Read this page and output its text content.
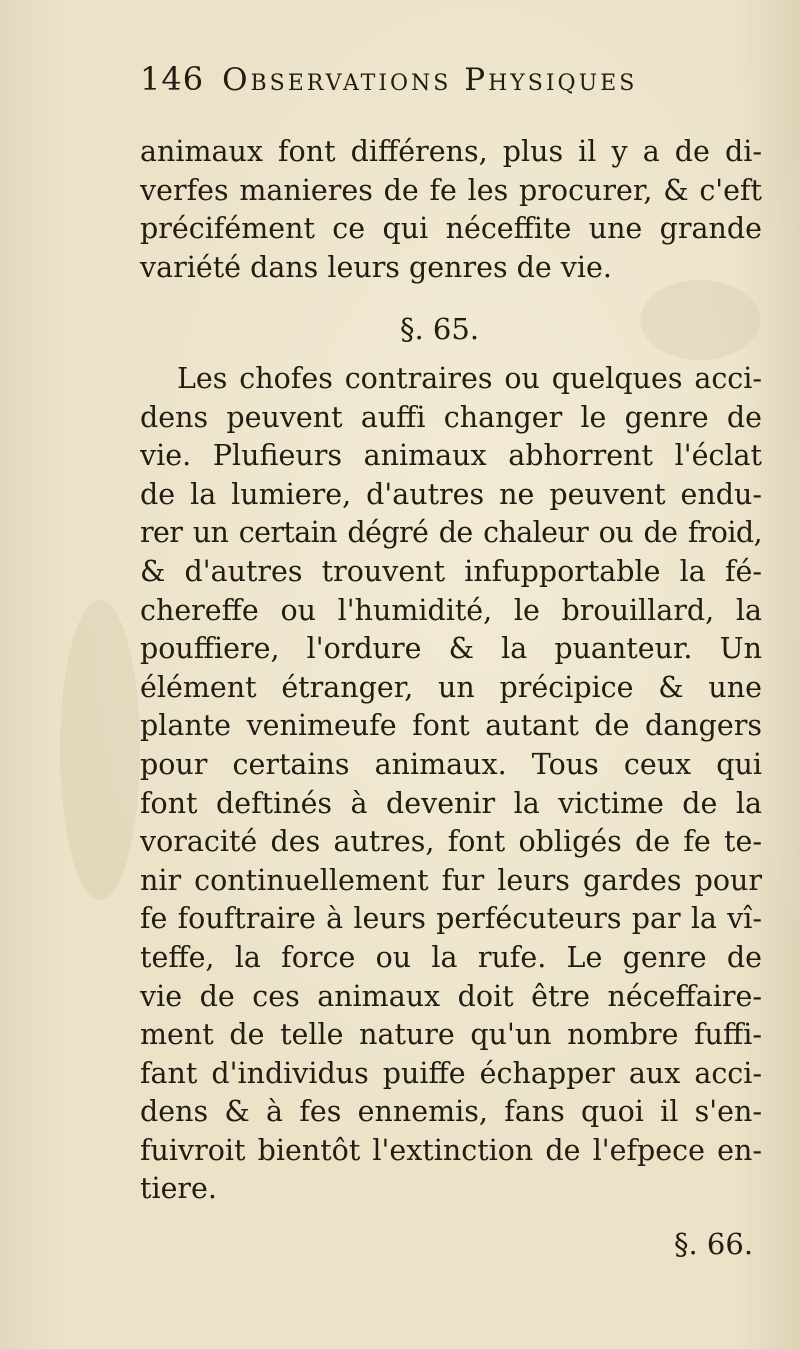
146 Observations Physiques
animaux font différens, plus il y a de di-
verfes manieres de fe les procurer, & c'eft
précifément ce qui néceffite une grande
variété dans leurs genres de vie.
§. 65.
Les chofes contraires ou quelques acci-
dens peuvent auffi changer le genre de
vie. Plufieurs animaux abhorrent l'éclat
de la lumiere, d'autres ne peuvent endu-
rer un certain dégré de chaleur ou de froid,
& d'autres trouvent infupportable la fé-
chereffe ou l'humidité, le brouillard, la
pouffiere, l'ordure & la puanteur. Un
élément étranger, un précipice & une
plante venimeufe font autant de dangers
pour certains animaux. Tous ceux qui
font deftinés à devenir la victime de la
voracité des autres, font obligés de fe te-
nir continuellement fur leurs gardes pour
fe fouftraire à leurs perfécuteurs par la vî-
teffe, la force ou la rufe. Le genre de
vie de ces animaux doit être néceffaire-
ment de telle nature qu'un nombre fuffi-
fant d'individus puiffe échapper aux acci-
dens & à fes ennemis, fans quoi il s'en-
fuivroit bientôt l'extinction de l'efpece en-
tiere.
§. 66.
